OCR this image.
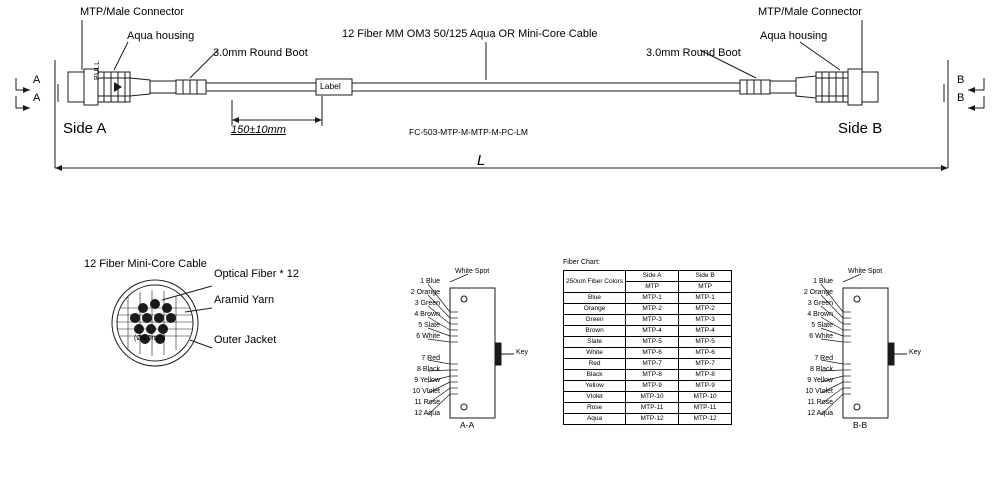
MTP/Male Connector
Aqua housing
3.0mm Round Boot
12 Fiber MM OM3 50/125 Aqua OR Mini-Core Cable
3.0mm Round Boot
Aqua housing
MTP/Male Connector
PULL
Label
150±10mm	FC-503-MTP-M-MTP-M-PC-LM
L
Side A	Side B
A
A
B
B
12 Fiber Mini-Core Cable
Optical Fiber * 12
Aramid Yarn
Outer Jacket
(Ø3.0mm)
White Spot
1 Blue
2 Orange
3 Green
4 Brown
5 Slate
6 White
7 Red
8 Black
9 Yellow
10 VIolet
11 Rose
12 Aqua
Key
A-A
Fiber Chart:
250um Fiber Colors	Side A	Side B
	MTP	MTP
Blue	MTP-1	MTP-1
Orange	MTP-2	MTP-2
Green	MTP-3	MTP-3
Brown	MTP-4	MTP-4
Slate	MTP-5	MTP-5
White	MTP-6	MTP-6
Red	MTP-7	MTP-7
Black	MTP-8	MTP-8
Yellow	MTP-9	MTP-9
VIolet	MTP-10	MTP-10
Rose	MTP-11	MTP-11
Aqua	MTP-12	MTP-12
White Spot
1 Blue
2 Orange
3 Green
4 Brown
5 Slate
6 White
7 Red
8 Black
9 Yellow
10 VIolet
11 Rose
12 Aqua
Key
B-B
